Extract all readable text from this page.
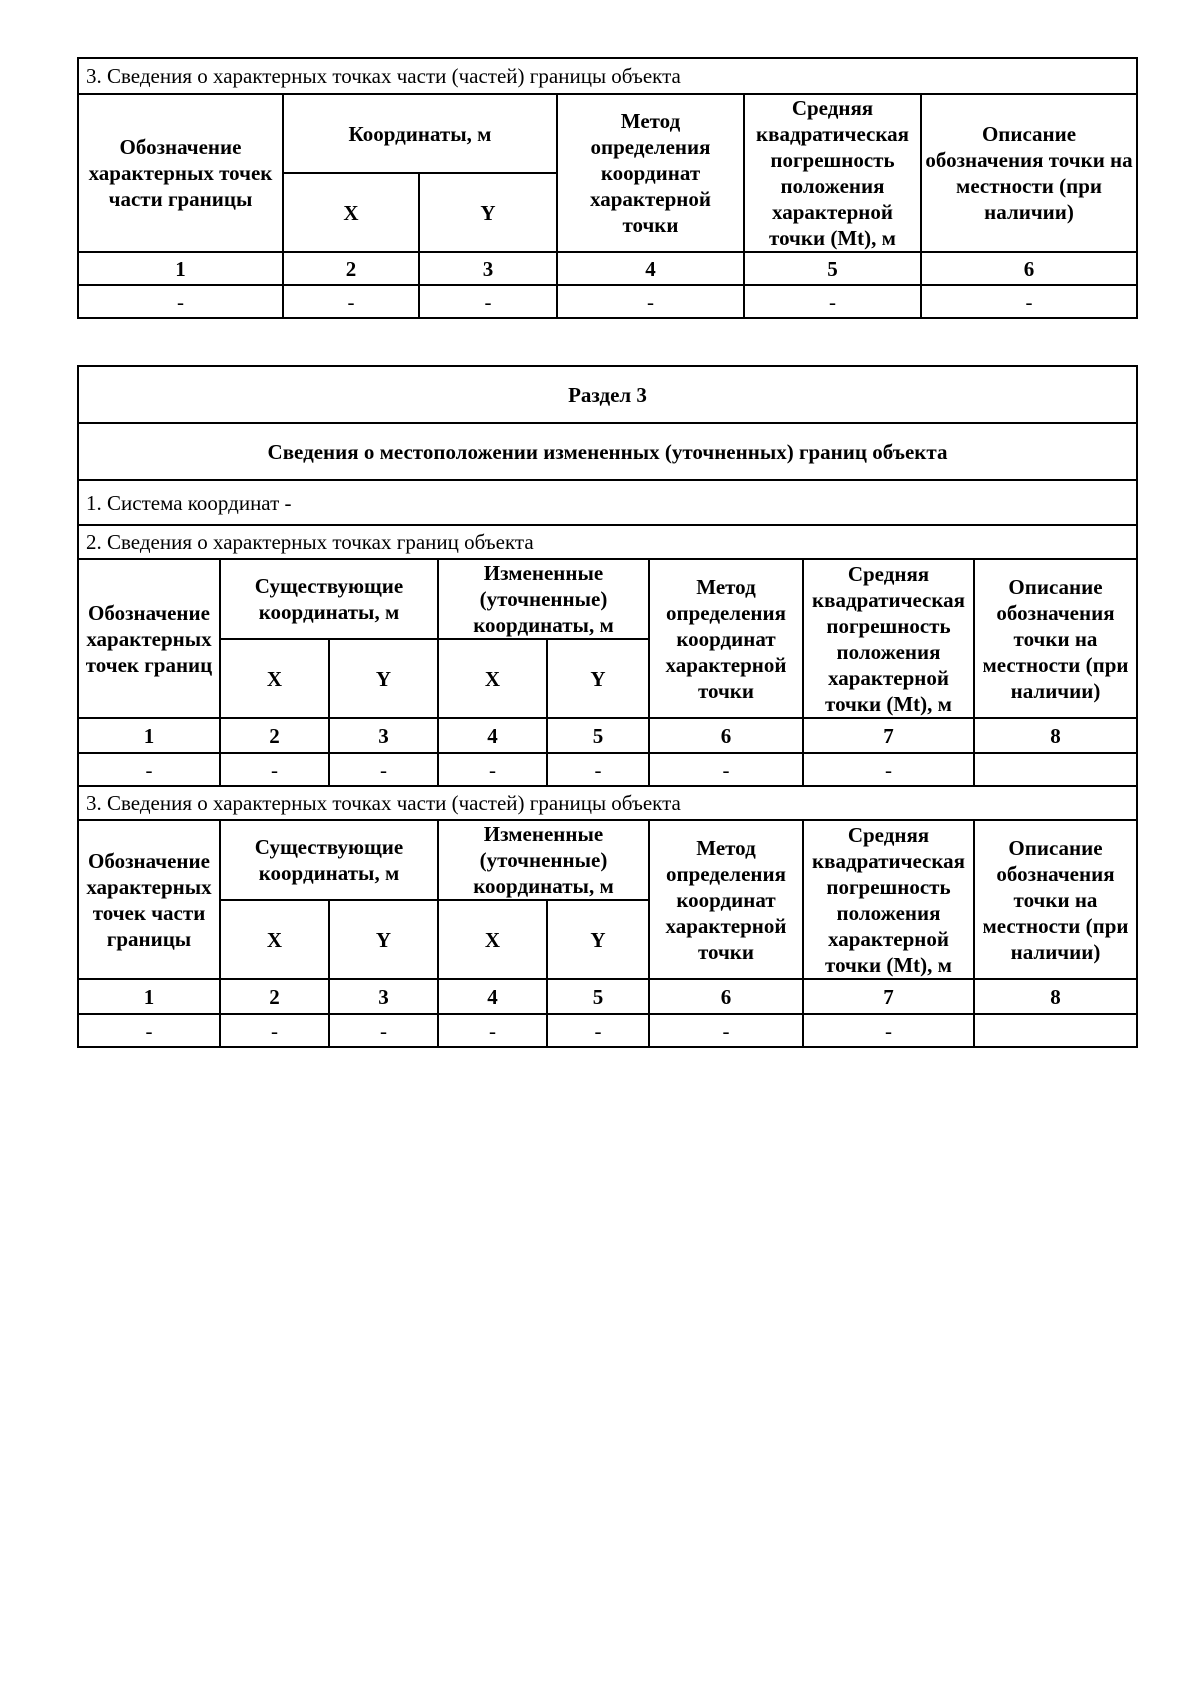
3. Сведения о характерных точках части (частей) границы объекта					
Обозначение характерных точек части границы	Координаты, м		Метод определения координат характерной точки	Средняя квадратическая погрешность положения характерной точки (Mt), м	Описание обозначения точки на местности (при наличии)
	X	Y			
1	2	3	4	5	6
-	-	-	-	-	-
Раздел 3							
Сведения о местоположении измененных (уточненных) границ объекта							
1. Система координат -							
2. Сведения о характерных точках границ объекта							
Обозначение характерных точек границ	Существующие координаты, м		Измененные (уточненные) координаты, м		Метод определения координат характерной точки	Средняя квадратическая погрешность положения характерной точки (Mt), м	Описание обозначения точки на местности (при наличии)
	X	Y	X	Y			
1	2	3	4	5	6	7	8
-	-	-	-	-	-	-	
3. Сведения о характерных точках части (частей) границы объекта							
Обозначение характерных точек части границы	Существующие координаты, м		Измененные (уточненные) координаты, м		Метод определения координат характерной точки	Средняя квадратическая погрешность положения характерной точки (Mt), м	Описание обозначения точки на местности (при наличии)
	X	Y	X	Y			
1	2	3	4	5	6	7	8
-	-	-	-	-	-	-	
